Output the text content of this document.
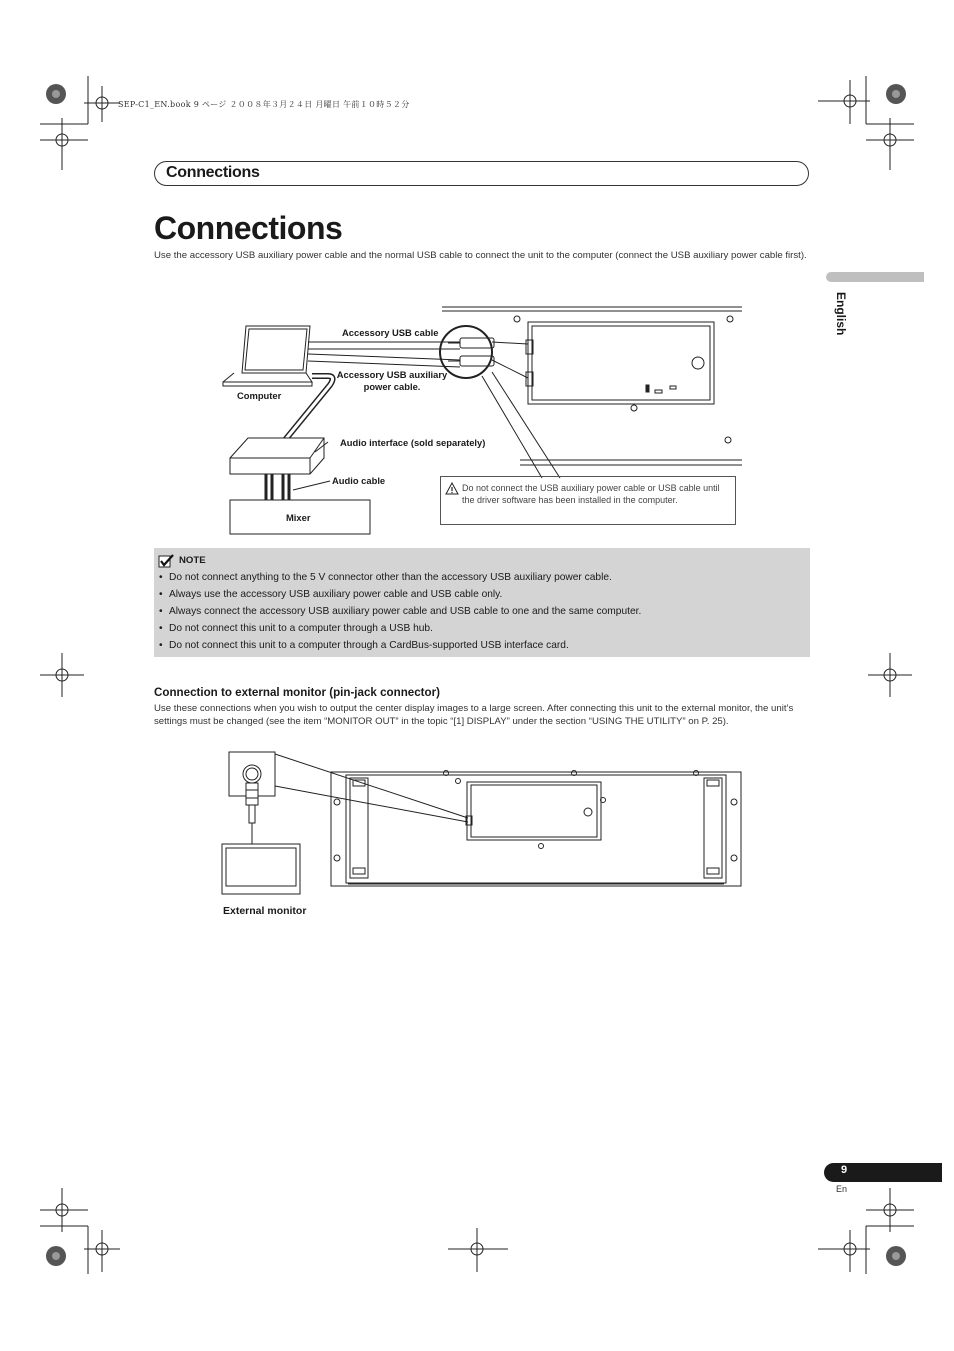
SEP-C1_EN.book 9 ページ ２００８年３月２４日 月曜日 午前１０時５２分
Connections
Connections
Use the accessory USB auxiliary power cable and the normal USB cable to connect the unit to the computer (connect the USB auxiliary power cable first).
English
Accessory USB cable
Accessory USB auxiliary
power cable.
Computer
Audio interface (sold separately)
Audio cable
Mixer
Do not connect the USB auxiliary power cable or USB cable until the driver software has been installed in the computer.
NOTE
• Do not connect anything to the 5 V connector other than the accessory USB auxiliary power cable.
• Always use the accessory USB auxiliary power cable and USB cable only.
• Always connect the accessory USB auxiliary power cable and USB cable to one and the same computer.
• Do not connect this unit to a computer through a USB hub.
• Do not connect this unit to a computer through a CardBus-supported USB interface card.
Connection to external monitor (pin-jack connector)
Use these connections when you wish to output the center display images to a large screen. After connecting this unit to the external monitor, the unit’s settings must be changed (see the item “MONITOR OUT” in the topic “[1] DISPLAY” under the section “USING THE UTILITY” on P. 25).
External monitor
9
En
